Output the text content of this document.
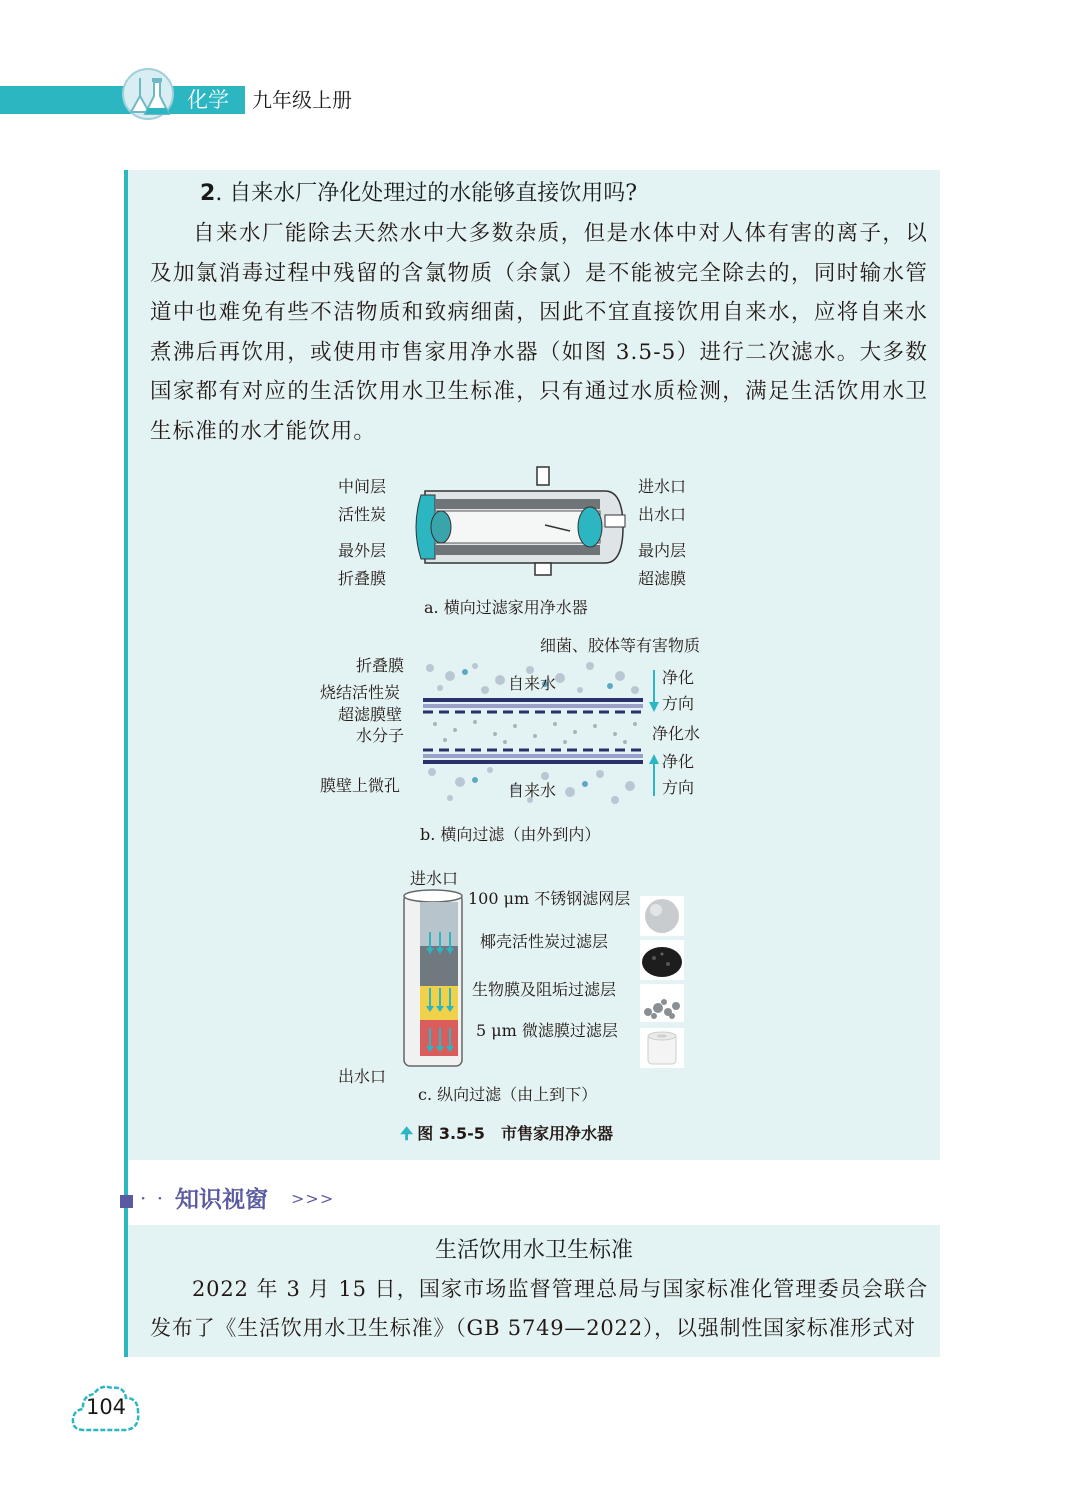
化学	九年级上册
2. 自来水厂净化处理过的水能够直接饮用吗?

自来水厂能除去天然水中大多数杂质，但是水体中对人体有害的离子，以及加氯消毒过程中残留的含氯物质（余氯）是不能被完全除去的，同时输水管道中也难免有些不洁物质和致病细菌，因此不宜直接饮用自来水，应将自来水煮沸后再饮用，或使用市售家用净水器（如图 3.5-5）进行二次滤水。大多数国家都有对应的生活饮用水卫生标准，只有通过水质检测，满足生活饮用水卫生标准的水才能饮用。

中间层
活性炭
最外层
折叠膜
进水口
出水口
最内层
超滤膜
a. 横向过滤家用净水器
细菌、胶体等有害物质
折叠膜
烧结活性炭
超滤膜壁
水分子
膜壁上微孔
自来水
自来水
净化
方向
净化水
净化
方向
b. 横向过滤（由外到内）
进水口
出水口
100 μm 不锈钢滤网层
椰壳活性炭过滤层
生物膜及阻垢过滤层
5 μm 微滤膜过滤层
c. 纵向过滤（由上到下）
🠉 图 3.5-5　市售家用净水器
· · ·
知识视窗 >>>
生活饮用水卫生标准

2022 年 3 月 15 日，国家市场监督管理总局与国家标准化管理委员会联合发布了《生活饮用水卫生标准》（GB 5749—2022），以强制性国家标准形式对

104
